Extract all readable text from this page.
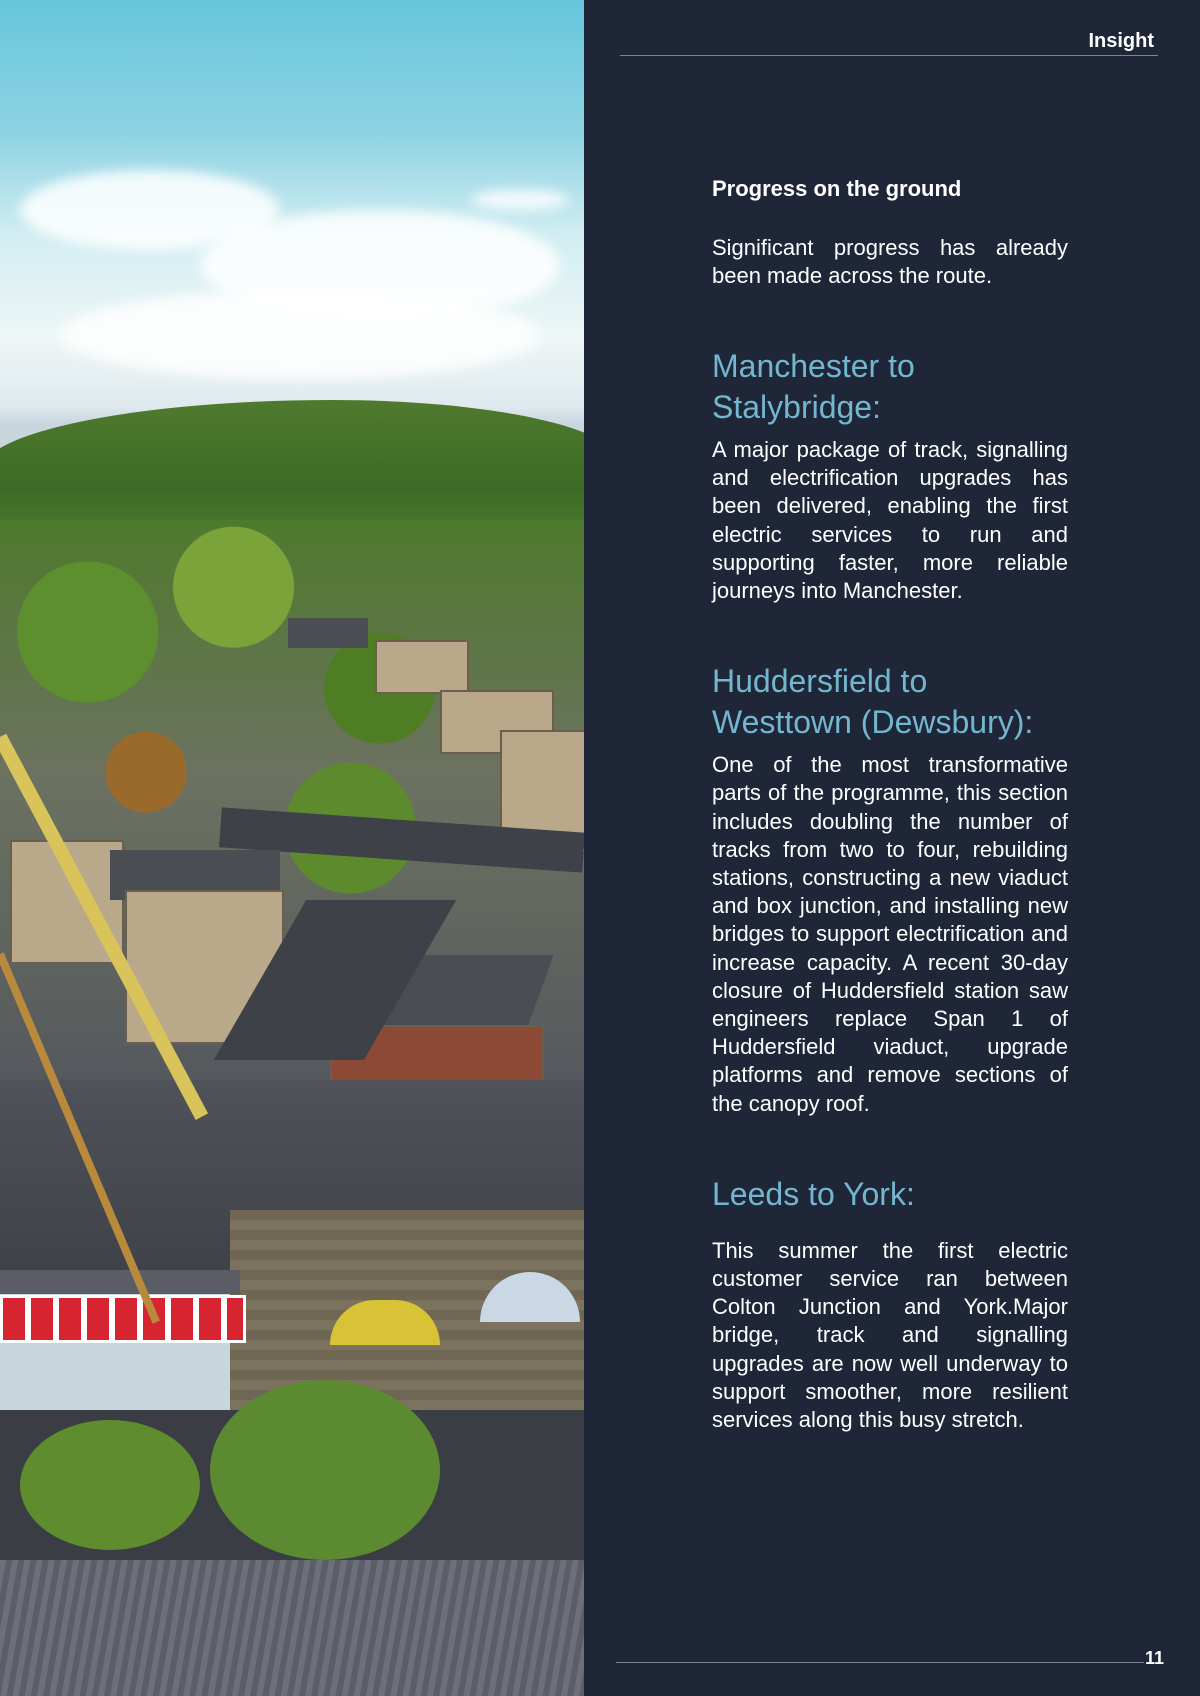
Insight

Progress on the ground

Significant progress has already been made across the route.

Manchester to Stalybridge:

A major package of track, signalling and electrification upgrades has been delivered, enabling the first electric services to run and supporting faster, more reliable journeys into Manchester.

Huddersfield to Westtown (Dewsbury):

One of the most transformative parts of the programme, this section includes doubling the number of tracks from two to four, rebuilding stations, constructing a new viaduct and box junction, and installing new bridges to support electrification and increase capacity. A recent 30-day closure of Huddersfield station saw engineers replace Span 1 of Huddersfield viaduct, upgrade platforms and remove sections of the canopy roof.

Leeds to York:

This summer the first electric customer service ran between Colton Junction and York.Major bridge, track and signalling upgrades are now well underway to support smoother, more resilient services along this busy stretch.

11
